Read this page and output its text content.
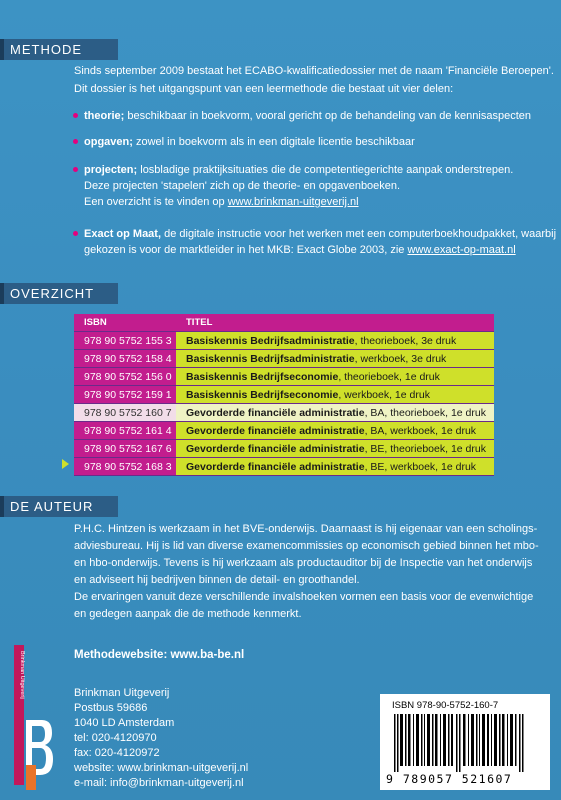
METHODE

Sinds september 2009 bestaat het ECABO-kwalificatiedossier met de naam 'Financiële Beroepen'.

Dit dossier is het uitgangspunt van een leermethode die bestaat uit vier delen:

theorie; beschikbaar in boekvorm, vooral gericht op de behandeling van de kennisaspecten
opgaven; zowel in boekvorm als in een digitale licentie beschikbaar
projecten; losbladige praktijksituaties die de competentiegerichte aanpak onderstrepen.
Deze projecten 'stapelen' zich op de theorie- en opgavenboeken.
Een overzicht is te vinden op www.brinkman-uitgeverij.nl
Exact op Maat, de digitale instructie voor het werken met een computerboekhoudpakket, waarbij
gekozen is voor de marktleider in het MKB: Exact Globe 2003, zie www.exact-op-maat.nl
OVERZICHT
ISBN	TITEL
978 90 5752 155 3	Basiskennis Bedrijfsadministratie, theorieboek, 3e druk
978 90 5752 158 4	Basiskennis Bedrijfsadministratie, werkboek, 3e druk
978 90 5752 156 0	Basiskennis Bedrijfseconomie, theorieboek, 1e druk
978 90 5752 159 1	Basiskennis Bedrijfseconomie, werkboek, 1e druk
978 90 5752 160 7	Gevorderde financiële administratie, BA, theorieboek, 1e druk
978 90 5752 161 4	Gevorderde financiële administratie, BA, werkboek, 1e druk
978 90 5752 167 6	Gevorderde financiële administratie, BE, theorieboek, 1e druk
978 90 5752 168 3	Gevorderde financiële administratie, BE, werkboek, 1e druk
DE AUTEUR

P.H.C. Hintzen is werkzaam in het BVE-onderwijs. Daarnaast is hij eigenaar van een scholings-

adviesbureau. Hij is lid van diverse examencommissies op economisch gebied binnen het mbo-

en hbo-onderwijs. Tevens is hij werkzaam als productauditor bij de Inspectie van het onderwijs

en adviseert hij bedrijven binnen de detail- en groothandel.

De ervaringen vanuit deze verschillende invalshoeken vormen een basis voor de evenwichtige

en gedegen aanpak die de methode kenmerkt.

Methodewebsite: www.ba-be.nl

Brinkman Uitgeverij

Postbus 59686

1040 LD Amsterdam

tel: 020-4120970

fax: 020-4120972

website: www.brinkman-uitgeverij.nl

e-mail: info@brinkman-uitgeverij.nl

Brinkman Uitgeverij
ISBN 978-90-5752-160-7
9 789057 521607
